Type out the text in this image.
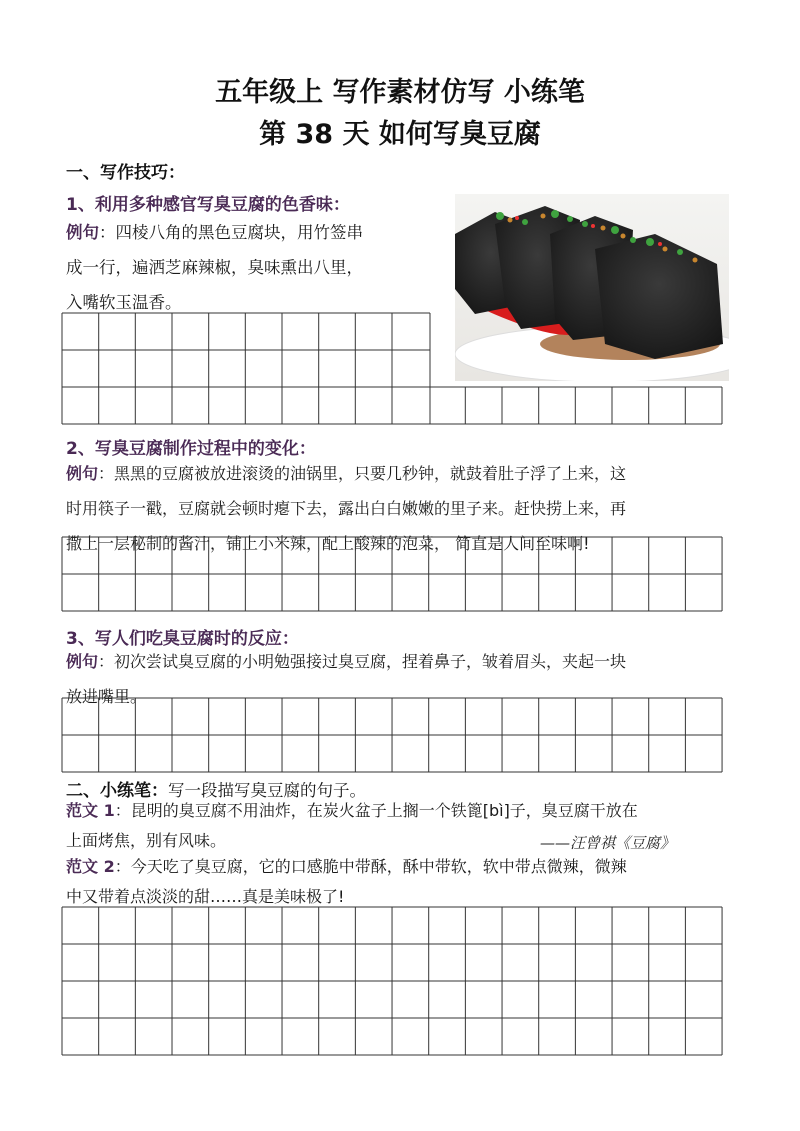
五年级上 写作素材仿写 小练笔
第 38 天 如何写臭豆腐
一、写作技巧：
1、利用多种感官写臭豆腐的色香味：
例句：四棱八角的黑色豆腐块，用竹签串
成一行，遍洒芝麻辣椒，臭味熏出八里，
入嘴软玉温香。
2、写臭豆腐制作过程中的变化：
例句：黑黑的豆腐被放进滚烫的油锅里，只要几秒钟，就鼓着肚子浮了上来，这
时用筷子一戳，豆腐就会顿时瘪下去，露出白白嫩嫩的里子来。赶快捞上来，再
撒上一层秘制的酱汁，铺上小米辣，配上酸辣的泡菜， 简直是人间至味啊!
3、写人们吃臭豆腐时的反应：
例句：初次尝试臭豆腐的小明勉强接过臭豆腐，捏着鼻子，皱着眉头，夹起一块
放进嘴里。
二、小练笔：写一段描写臭豆腐的句子。
范文 1：昆明的臭豆腐不用油炸，在炭火盆子上搁一个铁篦[bì]子，臭豆腐干放在
上面烤焦，别有风味。	——汪曾祺《豆腐》
范文 2：今天吃了臭豆腐，它的口感脆中带酥，酥中带软，软中带点微辣，微辣
中又带着点淡淡的甜……真是美味极了!
